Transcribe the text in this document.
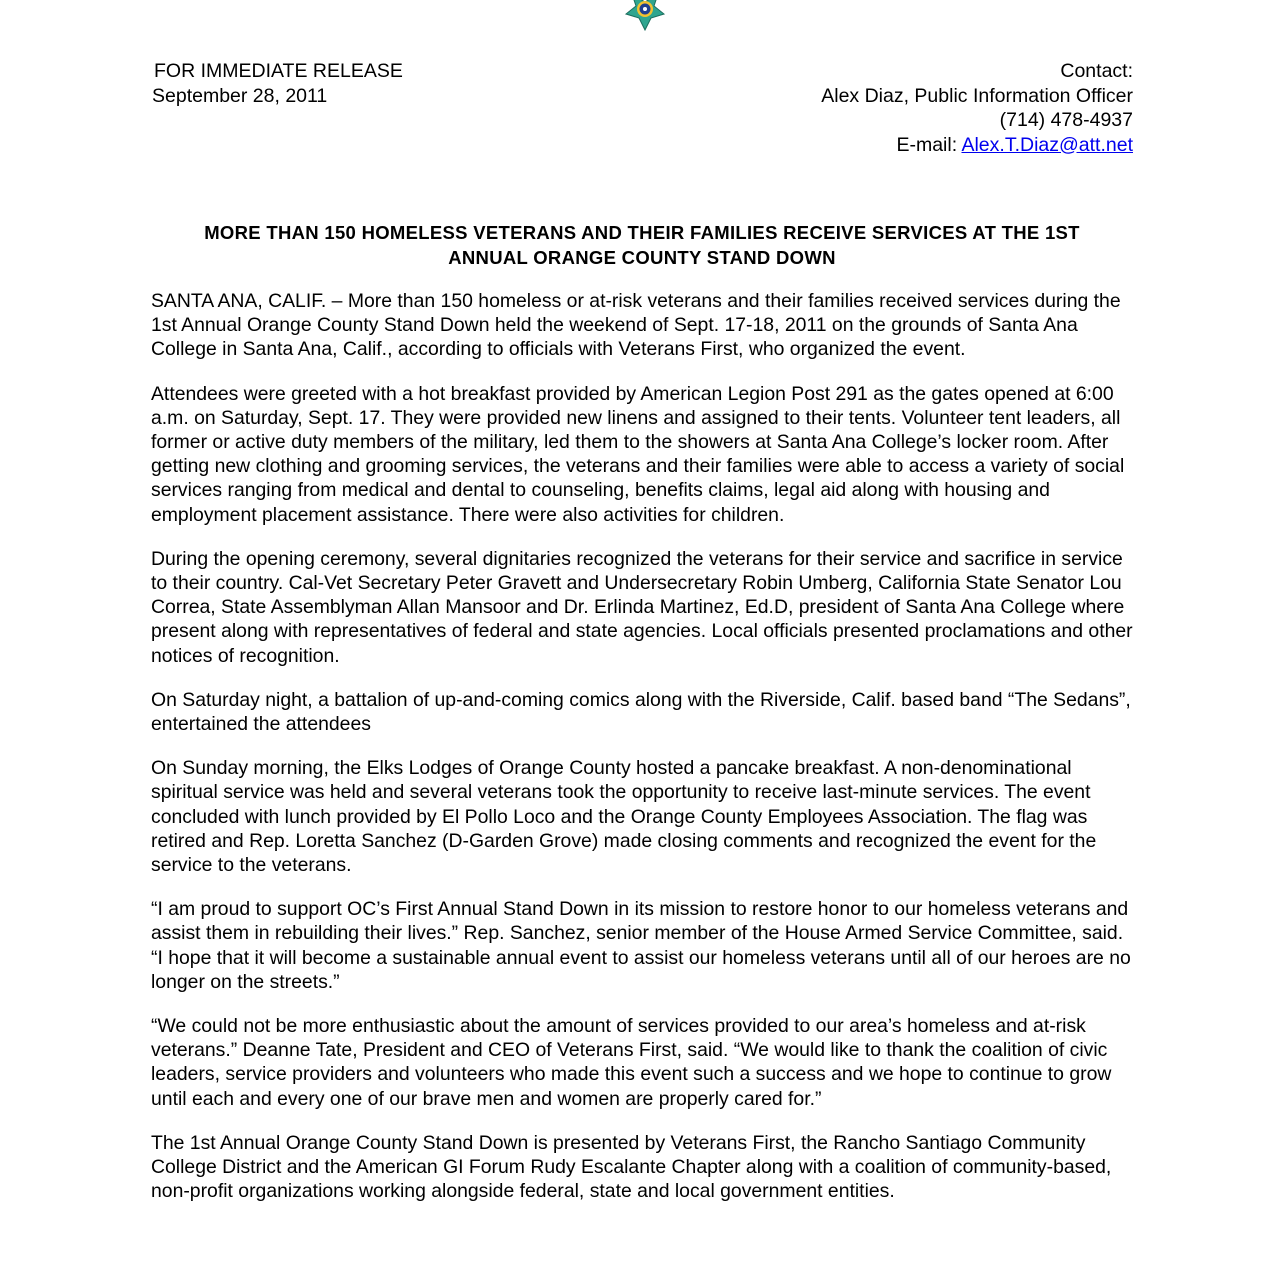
FOR IMMEDIATE RELEASE
September 28, 2011
Contact:
Alex Diaz, Public Information Officer
(714) 478-4937
E-mail: Alex.T.Diaz@att.net
MORE THAN 150 HOMELESS VETERANS AND THEIR FAMILIES RECEIVE SERVICES AT THE 1ST
ANNUAL ORANGE COUNTY STAND DOWN

SANTA ANA, CALIF. – More than 150 homeless or at-risk veterans and their families received services during the 1st Annual Orange County Stand Down held the weekend of Sept. 17-18, 2011 on the grounds of Santa Ana College in Santa Ana, Calif., according to officials with Veterans First, who organized the event.

Attendees were greeted with a hot breakfast provided by American Legion Post 291 as the gates opened at 6:00 a.m. on Saturday, Sept. 17. They were provided new linens and assigned to their tents. Volunteer tent leaders, all former or active duty members of the military, led them to the showers at Santa Ana College’s locker room. After getting new clothing and grooming services, the veterans and their families were able to access a variety of social services ranging from medical and dental to counseling, benefits claims, legal aid along with housing and employment placement assistance. There were also activities for children.

During the opening ceremony, several dignitaries recognized the veterans for their service and sacrifice in service to their country. Cal-Vet Secretary Peter Gravett and Undersecretary Robin Umberg, California State Senator Lou Correa, State Assemblyman Allan Mansoor and Dr. Erlinda Martinez, Ed.D, president of Santa Ana College where present along with representatives of federal and state agencies. Local officials presented proclamations and other notices of recognition.

On Saturday night, a battalion of up-and-coming comics along with the Riverside, Calif. based band “The Sedans”, entertained the attendees

On Sunday morning, the Elks Lodges of Orange County hosted a pancake breakfast. A non-denominational spiritual service was held and several veterans took the opportunity to receive last-minute services. The event concluded with lunch provided by El Pollo Loco and the Orange County Employees Association. The flag was retired and Rep. Loretta Sanchez (D-Garden Grove) made closing comments and recognized the event for the service to the veterans.

“I am proud to support OC’s First Annual Stand Down in its mission to restore honor to our homeless veterans and assist them in rebuilding their lives.” Rep. Sanchez, senior member of the House Armed Service Committee, said. “I hope that it will become a sustainable annual event to assist our homeless veterans until all of our heroes are no longer on the streets.”

“We could not be more enthusiastic about the amount of services provided to our area’s homeless and at-risk veterans.” Deanne Tate, President and CEO of Veterans First, said. “We would like to thank the coalition of civic leaders, service providers and volunteers who made this event such a success and we hope to continue to grow until each and every one of our brave men and women are properly cared for.”

The 1st Annual Orange County Stand Down is presented by Veterans First, the Rancho Santiago Community College District and the American GI Forum Rudy Escalante Chapter along with a coalition of community-based, non-profit organizations working alongside federal, state and local government entities.
